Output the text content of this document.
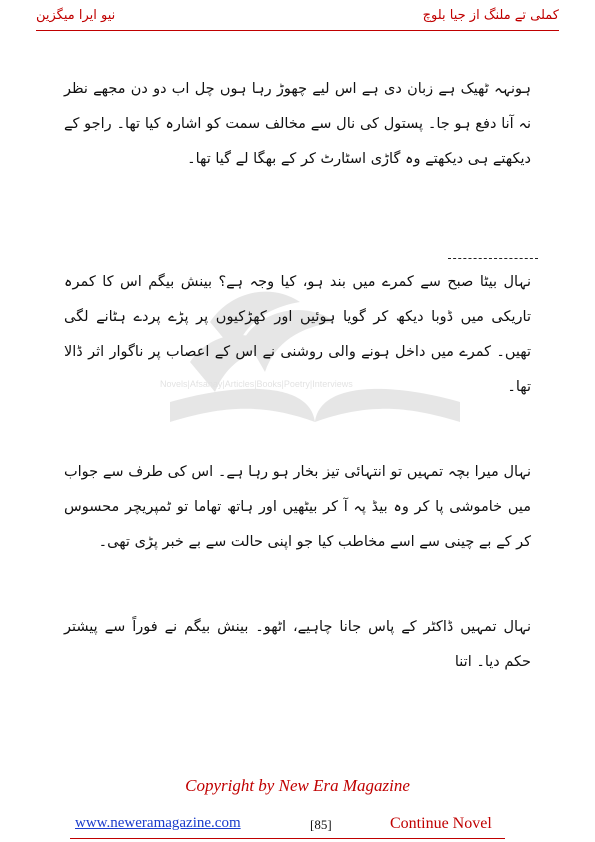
نیو ایرا میگزین	کملی تے ملنگ از جیا بلوچ
Novels|Afsanay|Articles|Books|Poetry|Interviews

ہونہہ ٹھیک ہے زبان دی ہے اس لیے چھوڑ رہا ہوں چل اب دو دن مجھے نظر نہ آنا دفع ہو جا۔ پستول کی نال سے مخالف سمت کو اشارہ کیا تھا۔ راجو کے دیکھتے ہی دیکھتے وہ گاڑی اسٹارٹ کر کے بھگا لے گیا تھا۔

نہال بیٹا صبح سے کمرے میں بند ہو، کیا وجہ ہے؟ بینش بیگم اس کا کمرہ تاریکی میں ڈوبا دیکھ کر گویا ہوئیں اور کھڑکیوں پر پڑے پردے ہٹانے لگی تھیں۔ کمرے میں داخل ہونے والی روشنی نے اس کے اعصاب پر ناگوار اثر ڈالا تھا۔

نہال میرا بچہ تمہیں تو انتہائی تیز بخار ہو رہا ہے۔ اس کی طرف سے جواب میں خاموشی پا کر وہ بیڈ پہ آ کر بیٹھیں اور ہاتھ تھاما تو ٹمپریچر محسوس کر کے بے چینی سے اسے مخاطب کیا جو اپنی حالت سے بے خبر پڑی تھی۔

نہال تمہیں ڈاکٹر کے پاس جانا چاہیے، اٹھو۔ بینش بیگم نے فوراً سے پیشتر حکم دیا۔ اتنا

Copyright by New Era Magazine
www.neweramagazine.com	[85]	Continue Novel
